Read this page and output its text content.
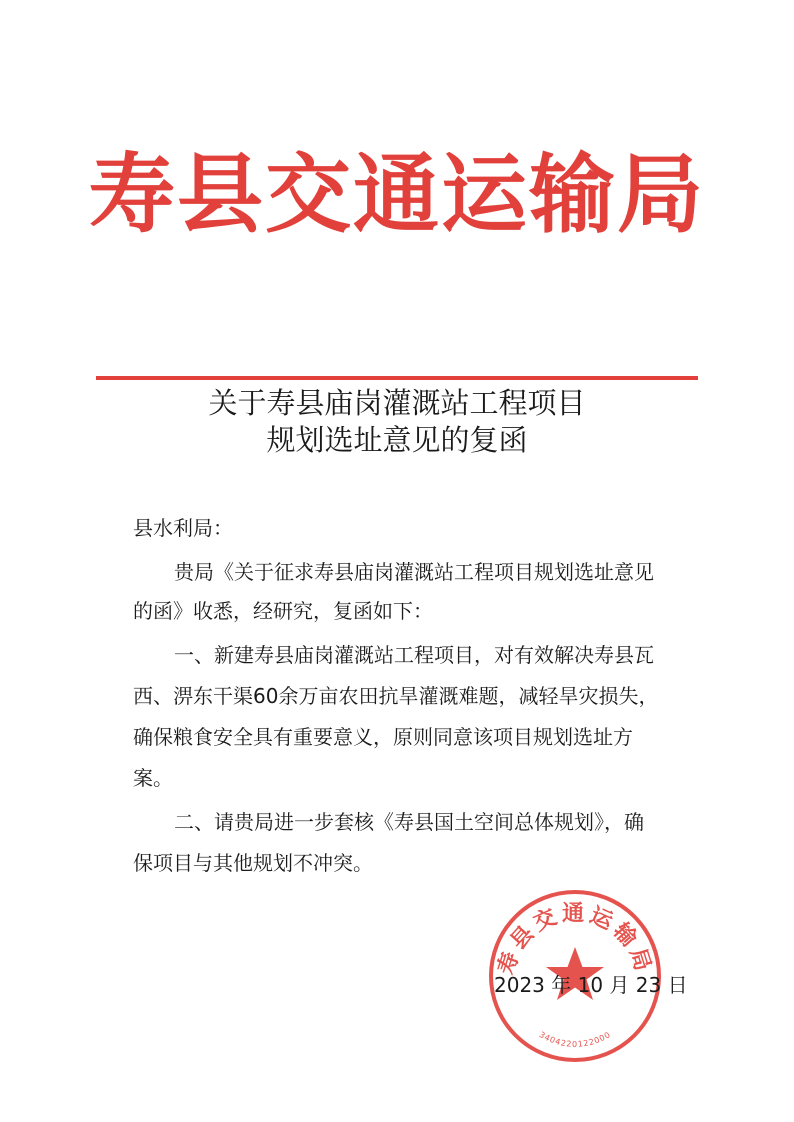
寿县交通运输局
关于寿县庙岗灌溉站工程项目
规划选址意见的复函
县水利局：
贵局《关于征求寿县庙岗灌溉站工程项目规划选址意见
的函》收悉，经研究，复函如下：
一、新建寿县庙岗灌溉站工程项目，对有效解决寿县瓦
西、淠东干渠60余万亩农田抗旱灌溉难题，减轻旱灾损失，
确保粮食安全具有重要意义，原则同意该项目规划选址方
案。
二、请贵局进一步套核《寿县国土空间总体规划》，确
保项目与其他规划不冲突。
寿县交通运输局
3404220122000
2023 年 10 月 23 日
